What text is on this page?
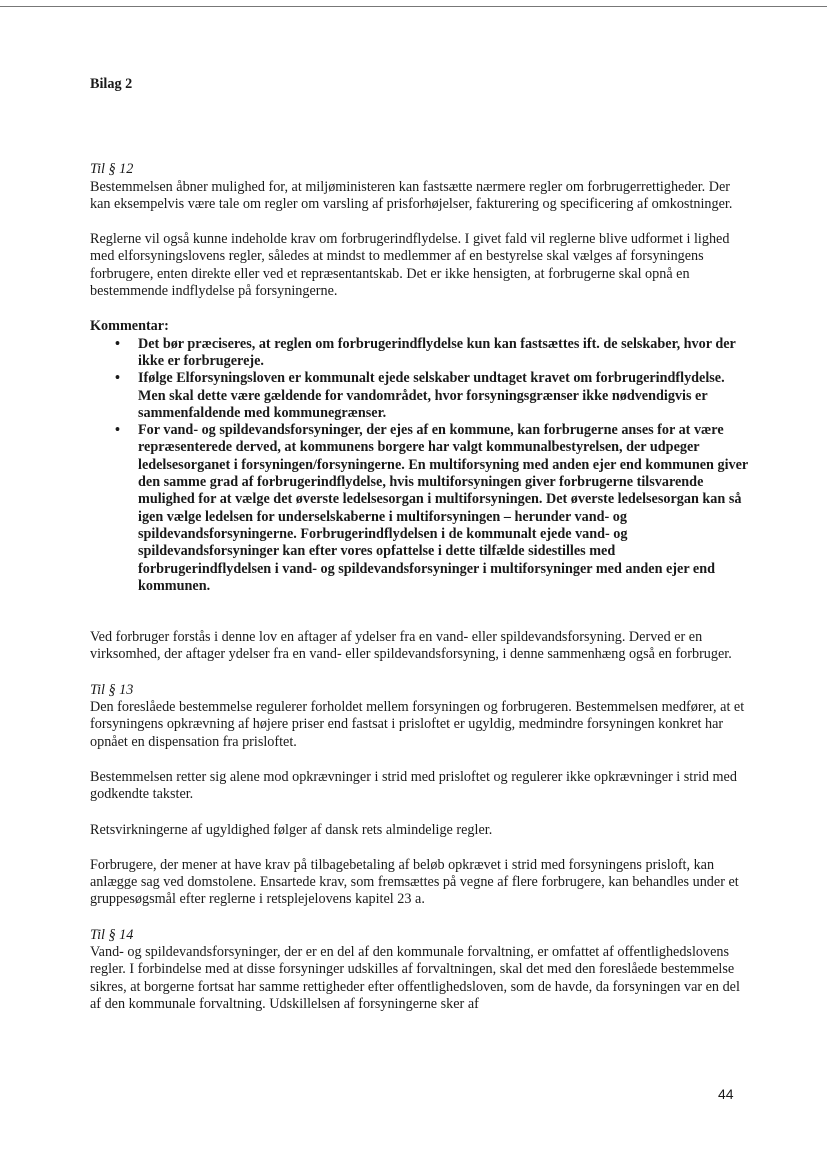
Bilag 2

Til § 12

Bestemmelsen åbner mulighed for, at miljøministeren kan fastsætte nærmere regler om forbrugerrettigheder. Der kan eksempelvis være tale om regler om varsling af prisforhøjelser, fakturering og specificering af omkostninger.

Reglerne vil også kunne indeholde krav om forbrugerindflydelse. I givet fald vil reglerne blive udformet i lighed med elforsyningslovens regler, således at mindst to medlemmer af en bestyrelse skal vælges af forsyningens forbrugere, enten direkte eller ved et repræsentantskab. Det er ikke hensigten, at forbrugerne skal opnå en bestemmende indflydelse på forsyningerne.

Kommentar:

• Det bør præciseres, at reglen om forbrugerindflydelse kun kan fastsættes ift. de selskaber, hvor der ikke er forbrugereje.
• Ifølge Elforsyningsloven er kommunalt ejede selskaber undtaget kravet om forbrugerindflydelse. Men skal dette være gældende for vandområdet, hvor forsyningsgrænser ikke nødvendigvis er sammenfaldende med kommunegrænser.
• For vand- og spildevandsforsyninger, der ejes af en kommune, kan forbrugerne anses for at være repræsenterede derved, at kommunens borgere har valgt kommunalbestyrelsen, der udpeger ledelsesorganet i forsyningen/forsyningerne. En multiforsyning med anden ejer end kommunen giver den samme grad af forbrugerindflydelse, hvis multiforsyningen giver forbrugerne tilsvarende mulighed for at vælge det øverste ledelsesorgan i multiforsyningen. Det øverste ledelsesorgan kan så igen vælge ledelsen for underselskaberne i multiforsyningen – herunder vand- og spildevandsforsyningerne. Forbrugerindflydelsen i de kommunalt ejede vand- og spildevandsforsyninger kan efter vores opfattelse i dette tilfælde sidestilles med forbrugerindflydelsen i vand- og spildevandsforsyninger i multiforsyninger med anden ejer end kommunen.

Ved forbruger forstås i denne lov en aftager af ydelser fra en vand- eller spildevandsforsyning. Derved er en virksomhed, der aftager ydelser fra en vand- eller spildevandsforsyning, i denne sammenhæng også en forbruger.

Til § 13

Den foreslåede bestemmelse regulerer forholdet mellem forsyningen og forbrugeren. Bestemmelsen medfører, at et forsyningens opkrævning af højere priser end fastsat i prisloftet er ugyldig, medmindre forsyningen konkret har opnået en dispensation fra prisloftet.

Bestemmelsen retter sig alene mod opkrævninger i strid med prisloftet og regulerer ikke opkrævninger i strid med godkendte takster.

Retsvirkningerne af ugyldighed følger af dansk rets almindelige regler.

Forbrugere, der mener at have krav på tilbagebetaling af beløb opkrævet i strid med forsyningens prisloft, kan anlægge sag ved domstolene. Ensartede krav, som fremsættes på vegne af flere forbrugere, kan behandles under et gruppesøgsmål efter reglerne i retsplejelovens kapitel 23 a.

Til § 14

Vand- og spildevandsforsyninger, der er en del af den kommunale forvaltning, er omfattet af offentlighedslovens regler. I forbindelse med at disse forsyninger udskilles af forvaltningen, skal det med den foreslåede bestemmelse sikres, at borgerne fortsat har samme rettigheder efter offentlighedsloven, som de havde, da forsyningen var en del af den kommunale forvaltning. Udskillelsen af forsyningerne sker af

44
